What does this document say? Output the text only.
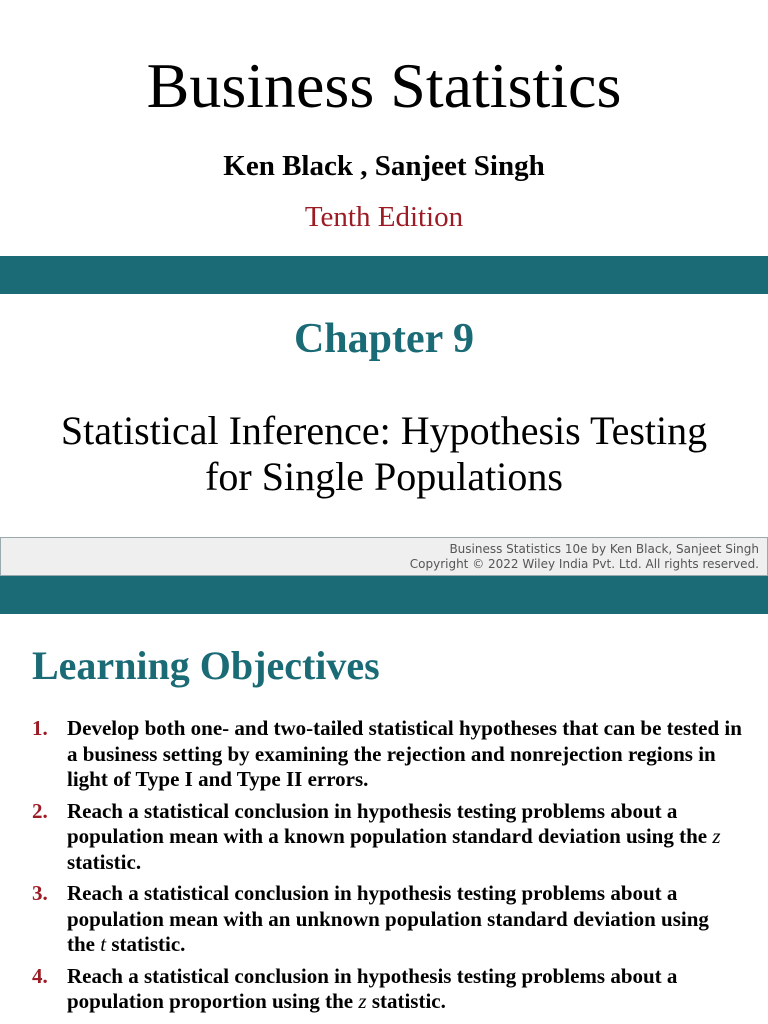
Business Statistics
Ken Black , Sanjeet Singh
Tenth Edition
Chapter 9
Statistical Inference: Hypothesis Testing
for Single Populations
Business Statistics 10e by Ken Black, Sanjeet Singh
Copyright © 2022 Wiley India Pvt. Ltd. All rights reserved.
Learning Objectives
1. Develop both one- and two-tailed statistical hypotheses that can be tested in a business setting by examining the rejection and nonrejection regions in light of Type I and Type II errors.
2. Reach a statistical conclusion in hypothesis testing problems about a population mean with a known population standard deviation using the z statistic.
3. Reach a statistical conclusion in hypothesis testing problems about a population mean with an unknown population standard deviation using the t statistic.
4. Reach a statistical conclusion in hypothesis testing problems about a population proportion using the z statistic.
